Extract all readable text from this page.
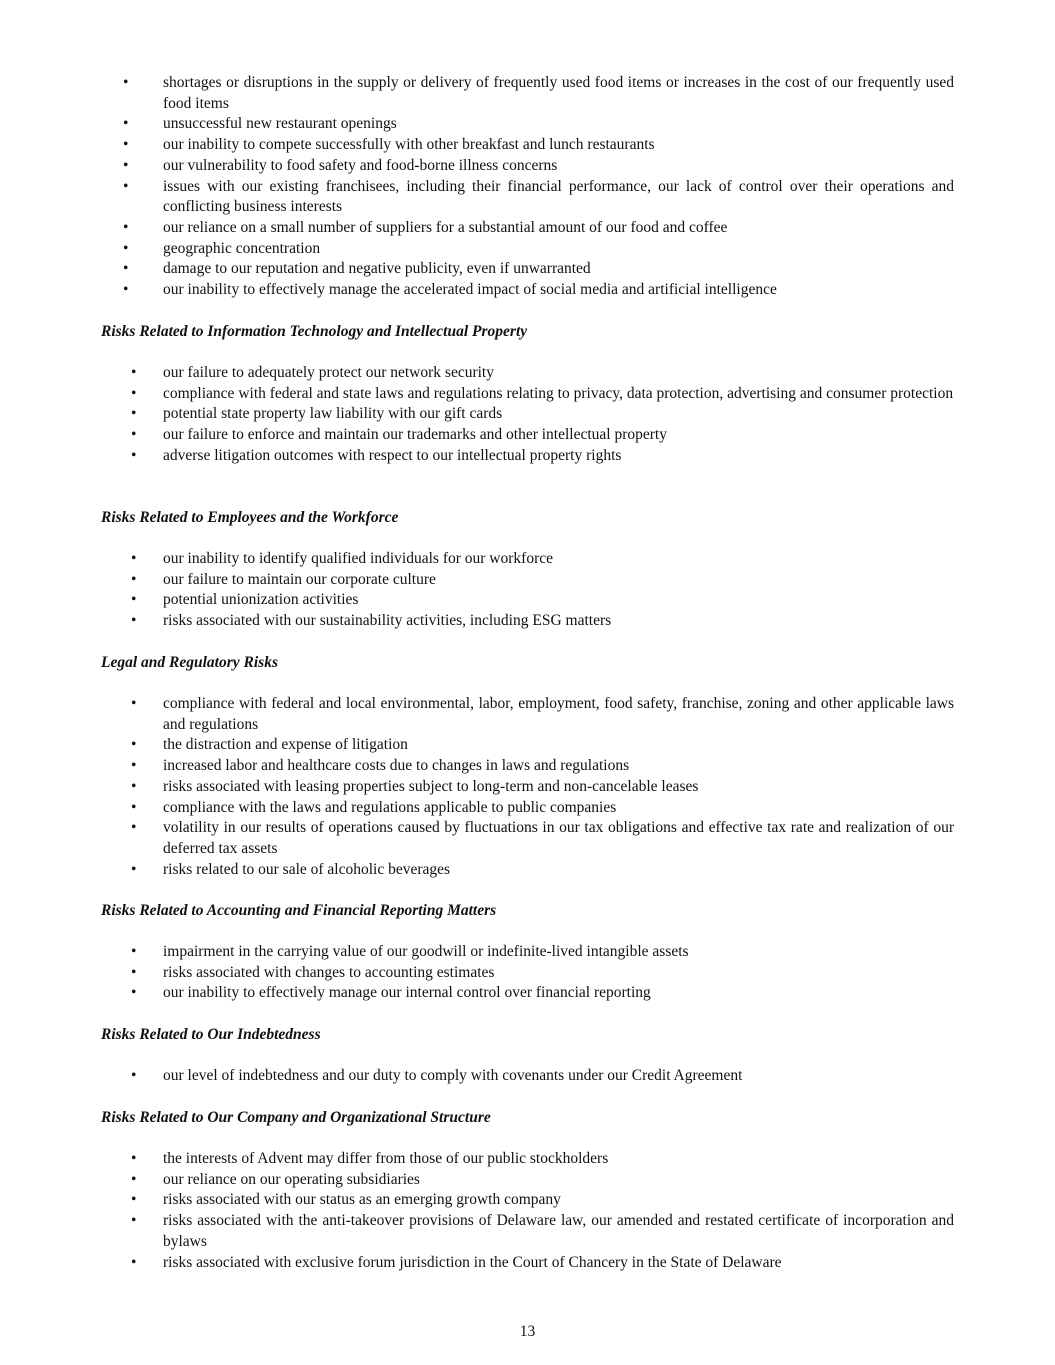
• shortages or disruptions in the supply or delivery of frequently used food items or increases in the cost of our frequently used food items
• unsuccessful new restaurant openings
• our inability to compete successfully with other breakfast and lunch restaurants
• our vulnerability to food safety and food-borne illness concerns
• issues with our existing franchisees, including their financial performance, our lack of control over their operations and conflicting business interests
• our reliance on a small number of suppliers for a substantial amount of our food and coffee
• geographic concentration
• damage to our reputation and negative publicity, even if unwarranted
• our inability to effectively manage the accelerated impact of social media and artificial intelligence
Risks Related to Information Technology and Intellectual Property
• our failure to adequately protect our network security
• compliance with federal and state laws and regulations relating to privacy, data protection, advertising and consumer protection
• potential state property law liability with our gift cards
• our failure to enforce and maintain our trademarks and other intellectual property
• adverse litigation outcomes with respect to our intellectual property rights
Risks Related to Employees and the Workforce
• our inability to identify qualified individuals for our workforce
• our failure to maintain our corporate culture
• potential unionization activities
• risks associated with our sustainability activities, including ESG matters
Legal and Regulatory Risks
• compliance with federal and local environmental, labor, employment, food safety, franchise, zoning and other applicable laws and regulations
• the distraction and expense of litigation
• increased labor and healthcare costs due to changes in laws and regulations
• risks associated with leasing properties subject to long-term and non-cancelable leases
• compliance with the laws and regulations applicable to public companies
• volatility in our results of operations caused by fluctuations in our tax obligations and effective tax rate and realization of our deferred tax assets
• risks related to our sale of alcoholic beverages
Risks Related to Accounting and Financial Reporting Matters
• impairment in the carrying value of our goodwill or indefinite-lived intangible assets
• risks associated with changes to accounting estimates
• our inability to effectively manage our internal control over financial reporting
Risks Related to Our Indebtedness
• our level of indebtedness and our duty to comply with covenants under our Credit Agreement
Risks Related to Our Company and Organizational Structure
• the interests of Advent may differ from those of our public stockholders
• our reliance on our operating subsidiaries
• risks associated with our status as an emerging growth company
• risks associated with the anti-takeover provisions of Delaware law, our amended and restated certificate of incorporation and bylaws
• risks associated with exclusive forum jurisdiction in the Court of Chancery in the State of Delaware
13
